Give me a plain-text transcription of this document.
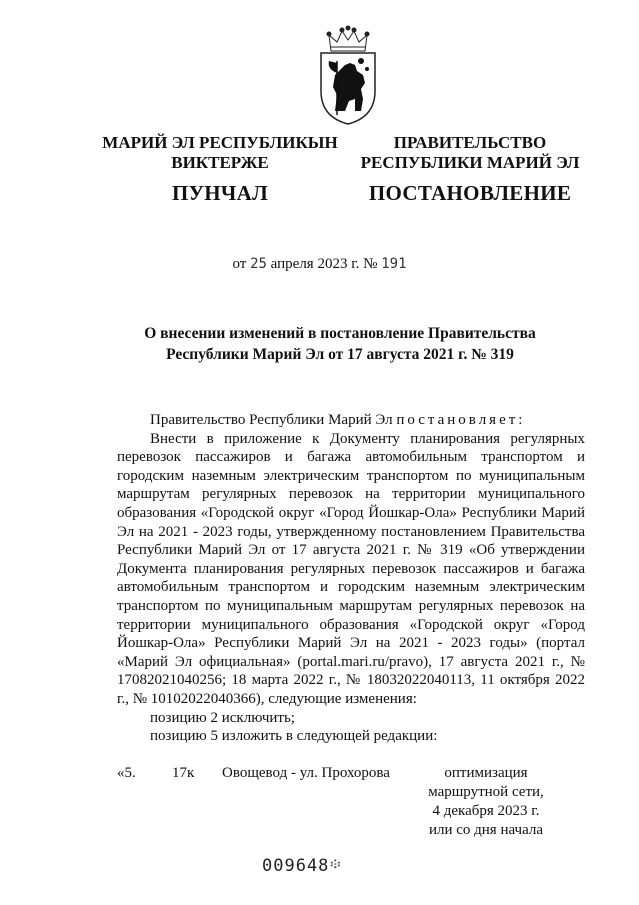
МАРИЙ ЭЛ РЕСПУБЛИКЫН
ВИКТЕРЖЕ
ПУНЧАЛ
ПРАВИТЕЛЬСТВО
РЕСПУБЛИКИ МАРИЙ ЭЛ
ПОСТАНОВЛЕНИЕ
от 25 апреля 2023 г. № 191
О внесении изменений в постановление Правительства
Республики Марий Эл от 17 августа 2021 г. № 319

Правительство Республики Марий Эл постановляет:

Внести в приложение к Документу планирования регулярных перевозок пассажиров и багажа автомобильным транспортом и городским наземным электрическим транспортом по муниципальным маршрутам регулярных перевозок на территории муниципального образования «Городской округ «Город Йошкар-Ола» Республики Марий Эл на 2021 - 2023 годы, утвержденному постановлением Правительства Республики Марий Эл от 17 августа 2021 г. № 319 «Об утверждении Документа планирования регулярных перевозок пассажиров и багажа автомобильным транспортом и городским наземным электрическим транспортом по муниципальным маршрутам регулярных перевозок на территории муниципального образования «Городской округ «Город Йошкар-Ола» Республики Марий Эл на 2021 - 2023 годы» (портал «Марий Эл официальная» (portal.mari.ru/pravo), 17 августа 2021 г., № 17082021040256; 18 марта 2022 г., № 18032022040113, 11 октября 2022 г., № 10102022040366), следующие изменения:

позицию 2 исключить;

позицию 5 изложить в следующей редакции:

«5. 17к Овощевод - ул. Прохорова	оптимизация
маршрутной сети,
4 декабря 2023 г.
или со дня начала
009648 ፨
